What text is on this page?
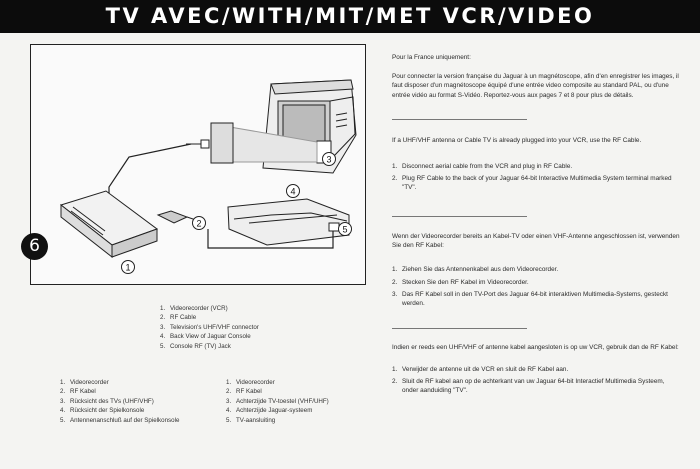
TV AVEC/WITH/MIT/MET VCR/VIDEO
1
2
3
4
5
6
1. Videorecorder (VCR)
2. RF Cable
3. Television's UHF/VHF connector
4. Back View of Jaguar Console
5. Console RF (TV) Jack
1. Videorecorder
2. RF Kabel
3. Rücksicht des TVs (UHF/VHF)
4. Rücksicht der Spielkonsole
5. Antennenanschluß auf der Spielkonsole
1. Videorecorder
2. RF Kabel
3. Achterzijde TV-toestel (VHF/UHF)
4. Achterzijde Jaguar-systeem
5. TV-aansluiting
Pour la France uniquement:
Pour connecter la version française du Jaguar à un magnétoscope, afin d'en enregistrer les images, il faut disposer d'un magnétoscope équipé d'une entrée video composite au standard PAL, ou d'une entrée vidéo au format S-Vidéo. Reportez-vous aux pages 7 et 8 pour plus de détails.
If a UHF/VHF antenna or Cable TV is already plugged into your VCR, use the RF Cable.
1. Disconnect aerial cable from the VCR and plug in RF Cable.
2. Plug RF Cable to the back of your Jaguar 64-bit Interactive Multimedia System terminal marked "TV".
Wenn der Videorecorder bereits an Kabel-TV oder einen VHF-Antenne angeschlossen ist, verwenden Sie den RF Kabel:
1. Ziehen Sie das Antennenkabel aus dem Videorecorder.
2. Stecken Sie den RF Kabel im Videorecorder.
3. Das RF Kabel soll in den TV-Port des Jaguar 64-bit interaktiven Multimedia-Systems, gesteckt werden.
Indien er reeds een UHF/VHF of antenne kabel aangesloten is op uw VCR, gebruik dan de RF Kabel:
1. Verwijder de antenne uit de VCR en sluit de RF Kabel aan.
2. Sluit de RF kabel aan op de achterkant van uw Jaguar 64-bit Interactief Multimedia Systeem, onder aanduiding "TV".
